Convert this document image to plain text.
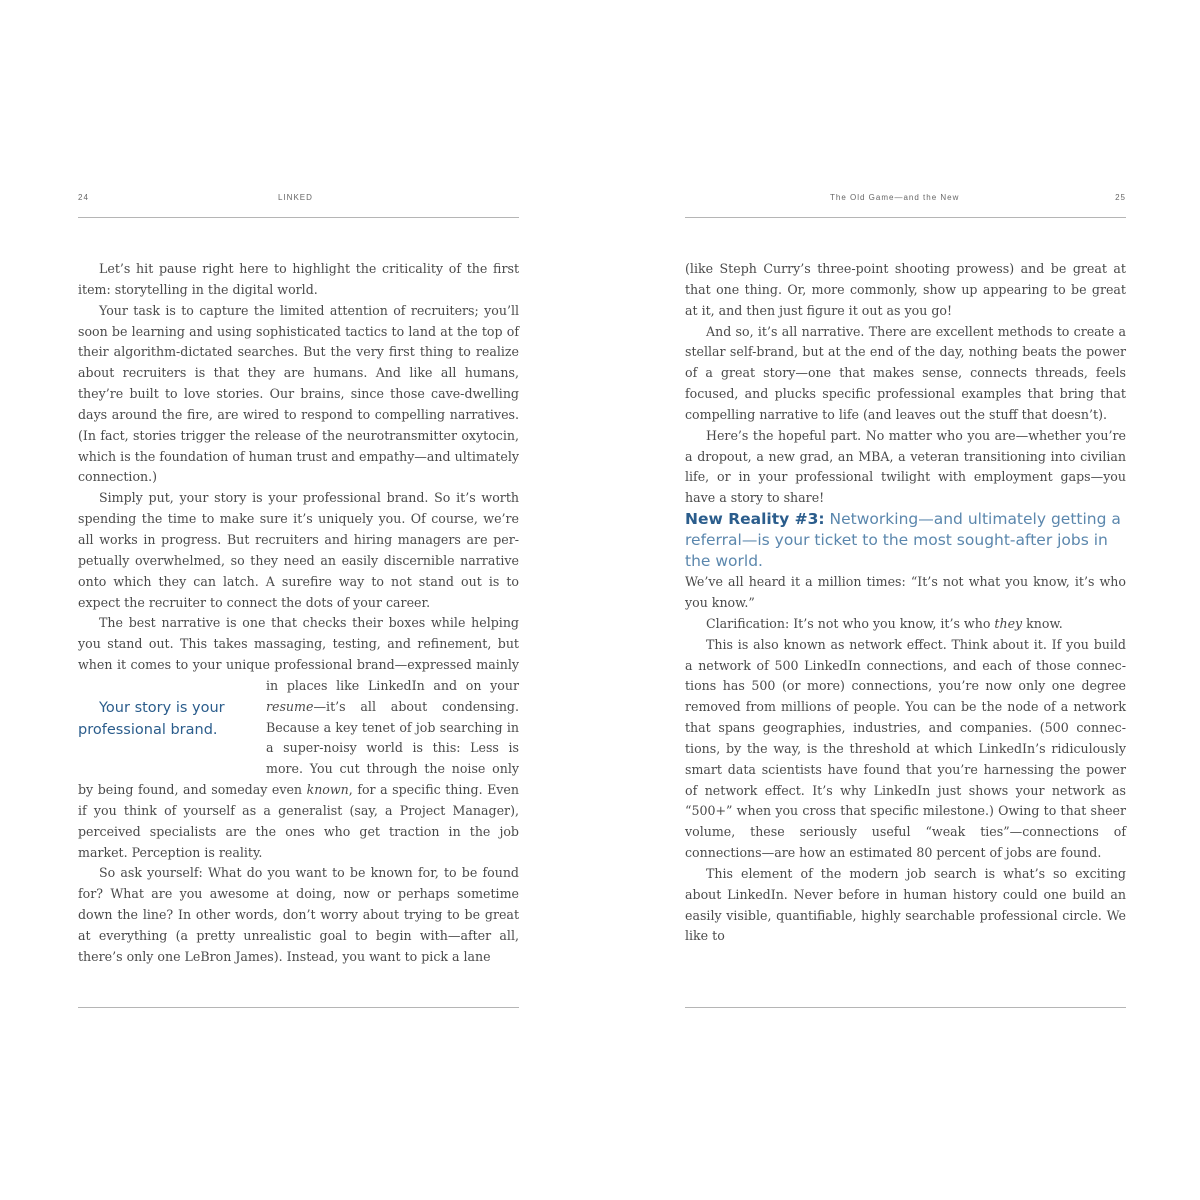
24	LINKED

Let’s hit pause right here to highlight the criticality of the first item: storytelling in the digital world.

Your task is to capture the limited attention of recruiters; you’ll soon be learning and using sophisticated tactics to land at the top of their algorithm-dictated searches. But the very first thing to realize about recruiters is that they are humans. And like all humans, they’re built to love stories. Our brains, since those cave-dwelling days around the fire, are wired to respond to compelling narratives. (In fact, stories trigger the release of the neurotransmitter oxytocin, which is the foundation of human trust and empathy—and ultimately connection.)

Simply put, your story is your professional brand. So it’s worth spending the time to make sure it’s uniquely you. Of course, we’re all works in progress. But recruiters and hiring managers are perpetually overwhelmed, so they need an easily discernible narrative onto which they can latch. A surefire way to not stand out is to expect the recruiter to connect the dots of your career.

The best narrative is one that checks their boxes while helping you stand out. This takes massaging, testing, and refinement, but when it comes to your unique professional brand—expressed mainly in places like LinkedIn and on your
Your story is your professional brand.
resume—it’s all about condensing. Because a key tenet of job searching in a super-noisy world is this: Less is more. You cut through the noise only by being found, and someday even known, for a specific thing. Even if you think of yourself as a generalist (say, a Project Manager), perceived specialists are the ones who get traction in the job market. Perception is reality.

So ask yourself: What do you want to be known for, to be found for? What are you awesome at doing, now or perhaps sometime down the line? In other words, don’t worry about trying to be great at everything (a pretty unrealistic goal to begin with—after all, there’s only one LeBron James). Instead, you want to pick a lane

The Old Game—and the New	25

(like Steph Curry’s three-point shooting prowess) and be great at that one thing. Or, more commonly, show up appearing to be great at it, and then just figure it out as you go!

And so, it’s all narrative. There are excellent methods to create a stellar self-brand, but at the end of the day, nothing beats the power of a great story—one that makes sense, connects threads, feels focused, and plucks specific professional examples that bring that compelling narrative to life (and leaves out the stuff that doesn’t).

Here’s the hopeful part. No matter who you are—whether you’re a dropout, a new grad, an MBA, a veteran transitioning into civilian life, or in your professional twilight with employment gaps—you have a story to share!

New Reality #3: Networking—and ultimately getting a referral—is your ticket to the most sought-after jobs in the world.

We’ve all heard it a million times: “It’s not what you know, it’s who you know.”

Clarification: It’s not who you know, it’s who they know.

This is also known as network effect. Think about it. If you build a network of 500 LinkedIn connections, and each of those connections has 500 (or more) connections, you’re now only one degree removed from millions of people. You can be the node of a network that spans geographies, industries, and companies. (500 connections, by the way, is the threshold at which LinkedIn’s ridiculously smart data scientists have found that you’re harnessing the power of network effect. It’s why LinkedIn just shows your network as “500+” when you cross that specific milestone.) Owing to that sheer volume, these seriously useful “weak ties”—connections of connections—are how an estimated 80 percent of jobs are found.

This element of the modern job search is what’s so exciting about LinkedIn. Never before in human history could one build an easily visible, quantifiable, highly searchable professional circle. We like to
